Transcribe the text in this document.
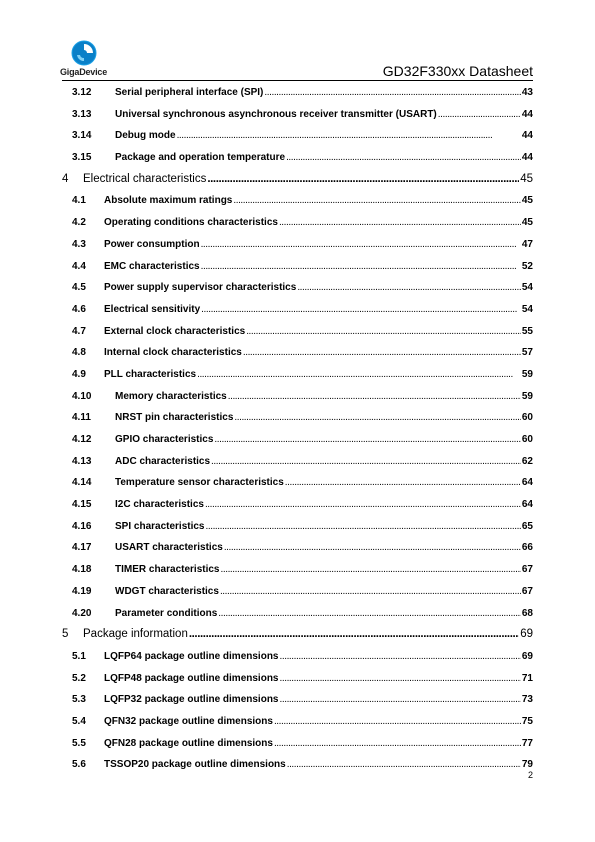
GigaDevice	GD32F330xx Datasheet
3.12	Serial peripheral interface (SPI) . . .	43
3.13	Universal synchronous asynchronous receiver transmitter (USART) . . .	44
3.14	Debug mode . . .	44
3.15	Package and operation temperature . . .	44
4	Electrical characteristics . . .	45
4.1	Absolute maximum ratings . . .	45
4.2	Operating conditions characteristics . . .	45
4.3	Power consumption . . .	47
4.4	EMC characteristics . . .	52
4.5	Power supply supervisor characteristics . . .	54
4.6	Electrical sensitivity . . .	54
4.7	External clock characteristics . . .	55
4.8	Internal clock characteristics . . .	57
4.9	PLL characteristics . . .	59
4.10	Memory characteristics . . .	59
4.11	NRST pin characteristics . . .	60
4.12	GPIO characteristics . . .	60
4.13	ADC characteristics . . .	62
4.14	Temperature sensor characteristics . . .	64
4.15	I2C characteristics . . .	64
4.16	SPI characteristics . . .	65
4.17	USART characteristics . . .	66
4.18	TIMER characteristics . . .	67
4.19	WDGT characteristics . . .	67
4.20	Parameter conditions . . .	68
5	Package information . . .	69
5.1	LQFP64 package outline dimensions . . .	69
5.2	LQFP48 package outline dimensions . . .	71
5.3	LQFP32 package outline dimensions . . .	73
5.4	QFN32 package outline dimensions . . .	75
5.5	QFN28 package outline dimensions . . .	77
5.6	TSSOP20 package outline dimensions . . .	79
2
